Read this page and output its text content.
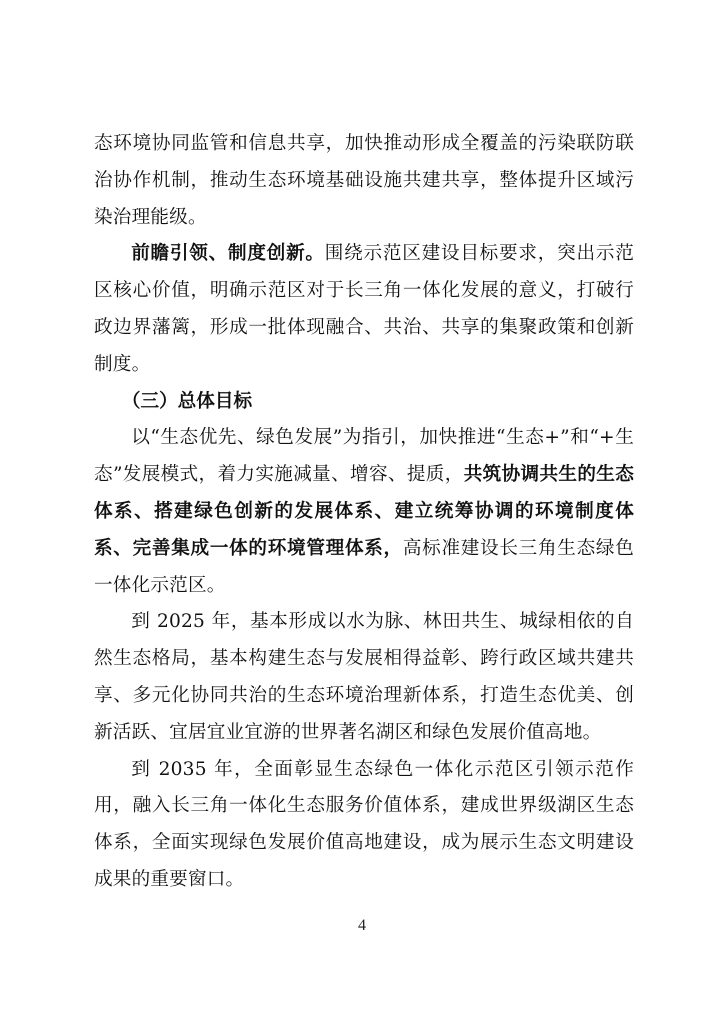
态环境协同监管和信息共享，加快推动形成全覆盖的污染联防联治协作机制，推动生态环境基础设施共建共享，整体提升区域污染治理能级。

前瞻引领、制度创新。围绕示范区建设目标要求，突出示范区核心价值，明确示范区对于长三角一体化发展的意义，打破行政边界藩篱，形成一批体现融合、共治、共享的集聚政策和创新制度。

（三）总体目标

以“生态优先、绿色发展”为指引，加快推进“生态+”和“+生态”发展模式，着力实施减量、增容、提质，共筑协调共生的生态体系、搭建绿色创新的发展体系、建立统筹协调的环境制度体系、完善集成一体的环境管理体系，高标准建设长三角生态绿色一体化示范区。

到 2025 年，基本形成以水为脉、林田共生、城绿相依的自然生态格局，基本构建生态与发展相得益彰、跨行政区域共建共享、多元化协同共治的生态环境治理新体系，打造生态优美、创新活跃、宜居宜业宜游的世界著名湖区和绿色发展价值高地。

到 2035 年，全面彰显生态绿色一体化示范区引领示范作用，融入长三角一体化生态服务价值体系，建成世界级湖区生态体系，全面实现绿色发展价值高地建设，成为展示生态文明建设成果的重要窗口。

4
